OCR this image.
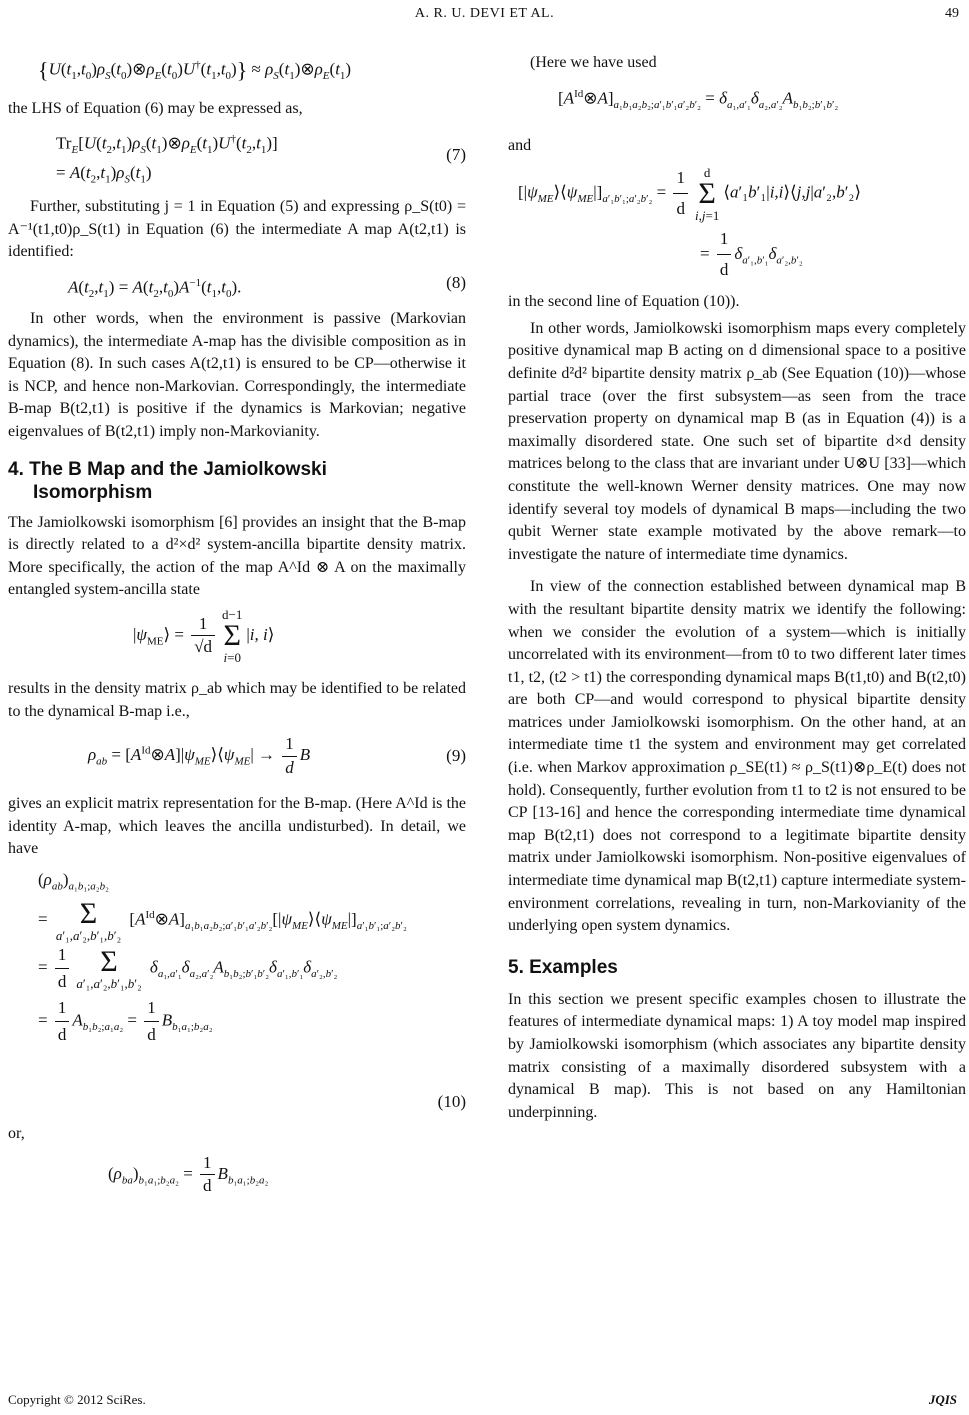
A. R. U. DEVI ET AL.	49
$\{U(t_1,t_0)\rho_S(t_0)\otimes\rho_E(t_0)U^\dagger(t_1,t_0)\}$ ≈ $\rho_S(t_1)\otimes\rho_E(t_1)$

the LHS of Equation (6) may be expressed as,

$Tr_E[U(t_2,t_1)\rho_S(t_1)\otimes\rho_E(t_1)U^\dagger(t_2,t_1)]$
= $A(t_2,t_1)\rho_S(t_1)$
(7)

Further, substituting j = 1 in Equation (5) and expressing ρ_S(t0) = A⁻¹(t1,t0)ρ_S(t1) in Equation (6) the intermediate A map A(t2,t1) is identified:

$A(t_2,t_1) = A(t_2,t_0)A^{-1}(t_1,t_0)$.	(8)

In other words, when the environment is passive (Markovian dynamics), the intermediate A-map has the divisible composition as in Equation (8). In such cases A(t2,t1) is ensured to be CP—otherwise it is NCP, and hence non-Markovian. Correspondingly, the intermediate B-map B(t2,t1) is positive if the dynamics is Markovian; negative eigenvalues of B(t2,t1) imply non-Markovianity.

4. The B Map and the Jamiolkowski
Isomorphism

The Jamiolkowski isomorphism [6] provides an insight that the B-map is directly related to a d²×d² system-ancilla bipartite density matrix. More specifically, the action of the map A^Id ⊗ A on the maximally entangled system-ancilla state

$|\psi_{ME}⟩ = \frac{1}{√d} d-1$
Σ
i=0|i, i⟩

results in the density matrix ρ_ab which may be identified to be related to the dynamical B-map i.e.,

$\rho_{ab}$ = $[A^{Id}\otimes A]|\psi_{ME}⟩⟨\psi_{ME}| \to \frac{1}{d}$ B	(9)

gives an explicit matrix representation for the B-map. (Here A^Id is the identity A-map, which leaves the ancilla undisturbed). In detail, we have

$(\rho_{ab})_{a_1b_1;a_2b_2}$
= Σ
a′₁,a′₂,b′₁,b′₂ $[A^{Id}\otimes A]_{a_1b_1a_2b_2;a'_1b'_1a'_2b'_2}[|\psi_{ME}⟩⟨\psi_{ME}|]_{a'_1b'_1;a'_2b'_2}$
= $\frac{1}{d}$	Σ
a′₁,a′₂,b′₁,b′₂ $\delta_{a_1,a'_1}\delta_{a_2,a'_2}A_{b_1b_2;b'_1b'_2}\delta_{a'_1,b'_1}\delta_{a'_2,b'_2}$
= $\frac{1}{d} A_{b_1b_2;a_1a_2} = \frac{1}{d} B_{b_1a_1;b_2a_2}$
(10)

or,

$(\rho_{ba})_{b_1a_1;b_2a_2} = \frac{1}{d} B_{b_1a_1;b_2a_2}$

(Here we have used

$[A^{Id}\otimes A]_{a_1b_1a_2b_2;a'_1b'_1a'_2b'_2} = \delta_{a_1,a'_1}\delta_{a_2,a'_2}A_{b_1b_2;b'_1b'_2}$

and

$[|\psi_{ME}⟩⟨\psi_{ME}|]_{a'_1b'_1;a'_2b'_2} = \frac{1}{d}$ d
Σ
i,j=1⟨a′₁b′₁|i,i⟩⟨j,j|a′₂,b′₂⟩
= $\frac{1}{d} \delta_{a'_1,b'_1}\delta_{a'_2,b'_2}$

in the second line of Equation (10)).

In other words, Jamiolkowski isomorphism maps every completely positive dynamical map B acting on d dimensional space to a positive definite d²d² bipartite density matrix ρ_ab (See Equation (10))—whose partial trace (over the first subsystem—as seen from the trace preservation property on dynamical map B (as in Equation (4)) is a maximally disordered state. One such set of bipartite d×d density matrices belong to the class that are invariant under U⊗U [33]—which constitute the well-known Werner density matrices. One may now identify several toy models of dynamical B maps—including the two qubit Werner state example motivated by the above remark—to investigate the nature of intermediate time dynamics.

In view of the connection established between dynamical map B with the resultant bipartite density matrix we identify the following: when we consider the evolution of a system—which is initially uncorrelated with its environment—from t0 to two different later times t1, t2, (t2 > t1) the corresponding dynamical maps B(t1,t0) and B(t2,t0) are both CP—and would correspond to physical bipartite density matrices under Jamiolkowski isomorphism. On the other hand, at an intermediate time t1 the system and environment may get correlated (i.e. when Markov approximation ρ_SE(t1) ≈ ρ_S(t1)⊗ρ_E(t) does not hold). Consequently, further evolution from t1 to t2 is not ensured to be CP [13-16] and hence the corresponding intermediate time dynamical map B(t2,t1) does not correspond to a legitimate bipartite density matrix under Jamiolkowski isomorphism. Non-positive eigenvalues of intermediate time dynamical map B(t2,t1) capture intermediate system-environment correlations, revealing in turn, non-Markovianity of the underlying open system dynamics.

5. Examples

In this section we present specific examples chosen to illustrate the features of intermediate dynamical maps: 1) A toy model map inspired by Jamiolkowski isomorphism (which associates any bipartite density matrix consisting of a maximally disordered subsystem with a dynamical B map). This is not based on any Hamiltonian underpinning.

Copyright © 2012 SciRes.	JQIS
